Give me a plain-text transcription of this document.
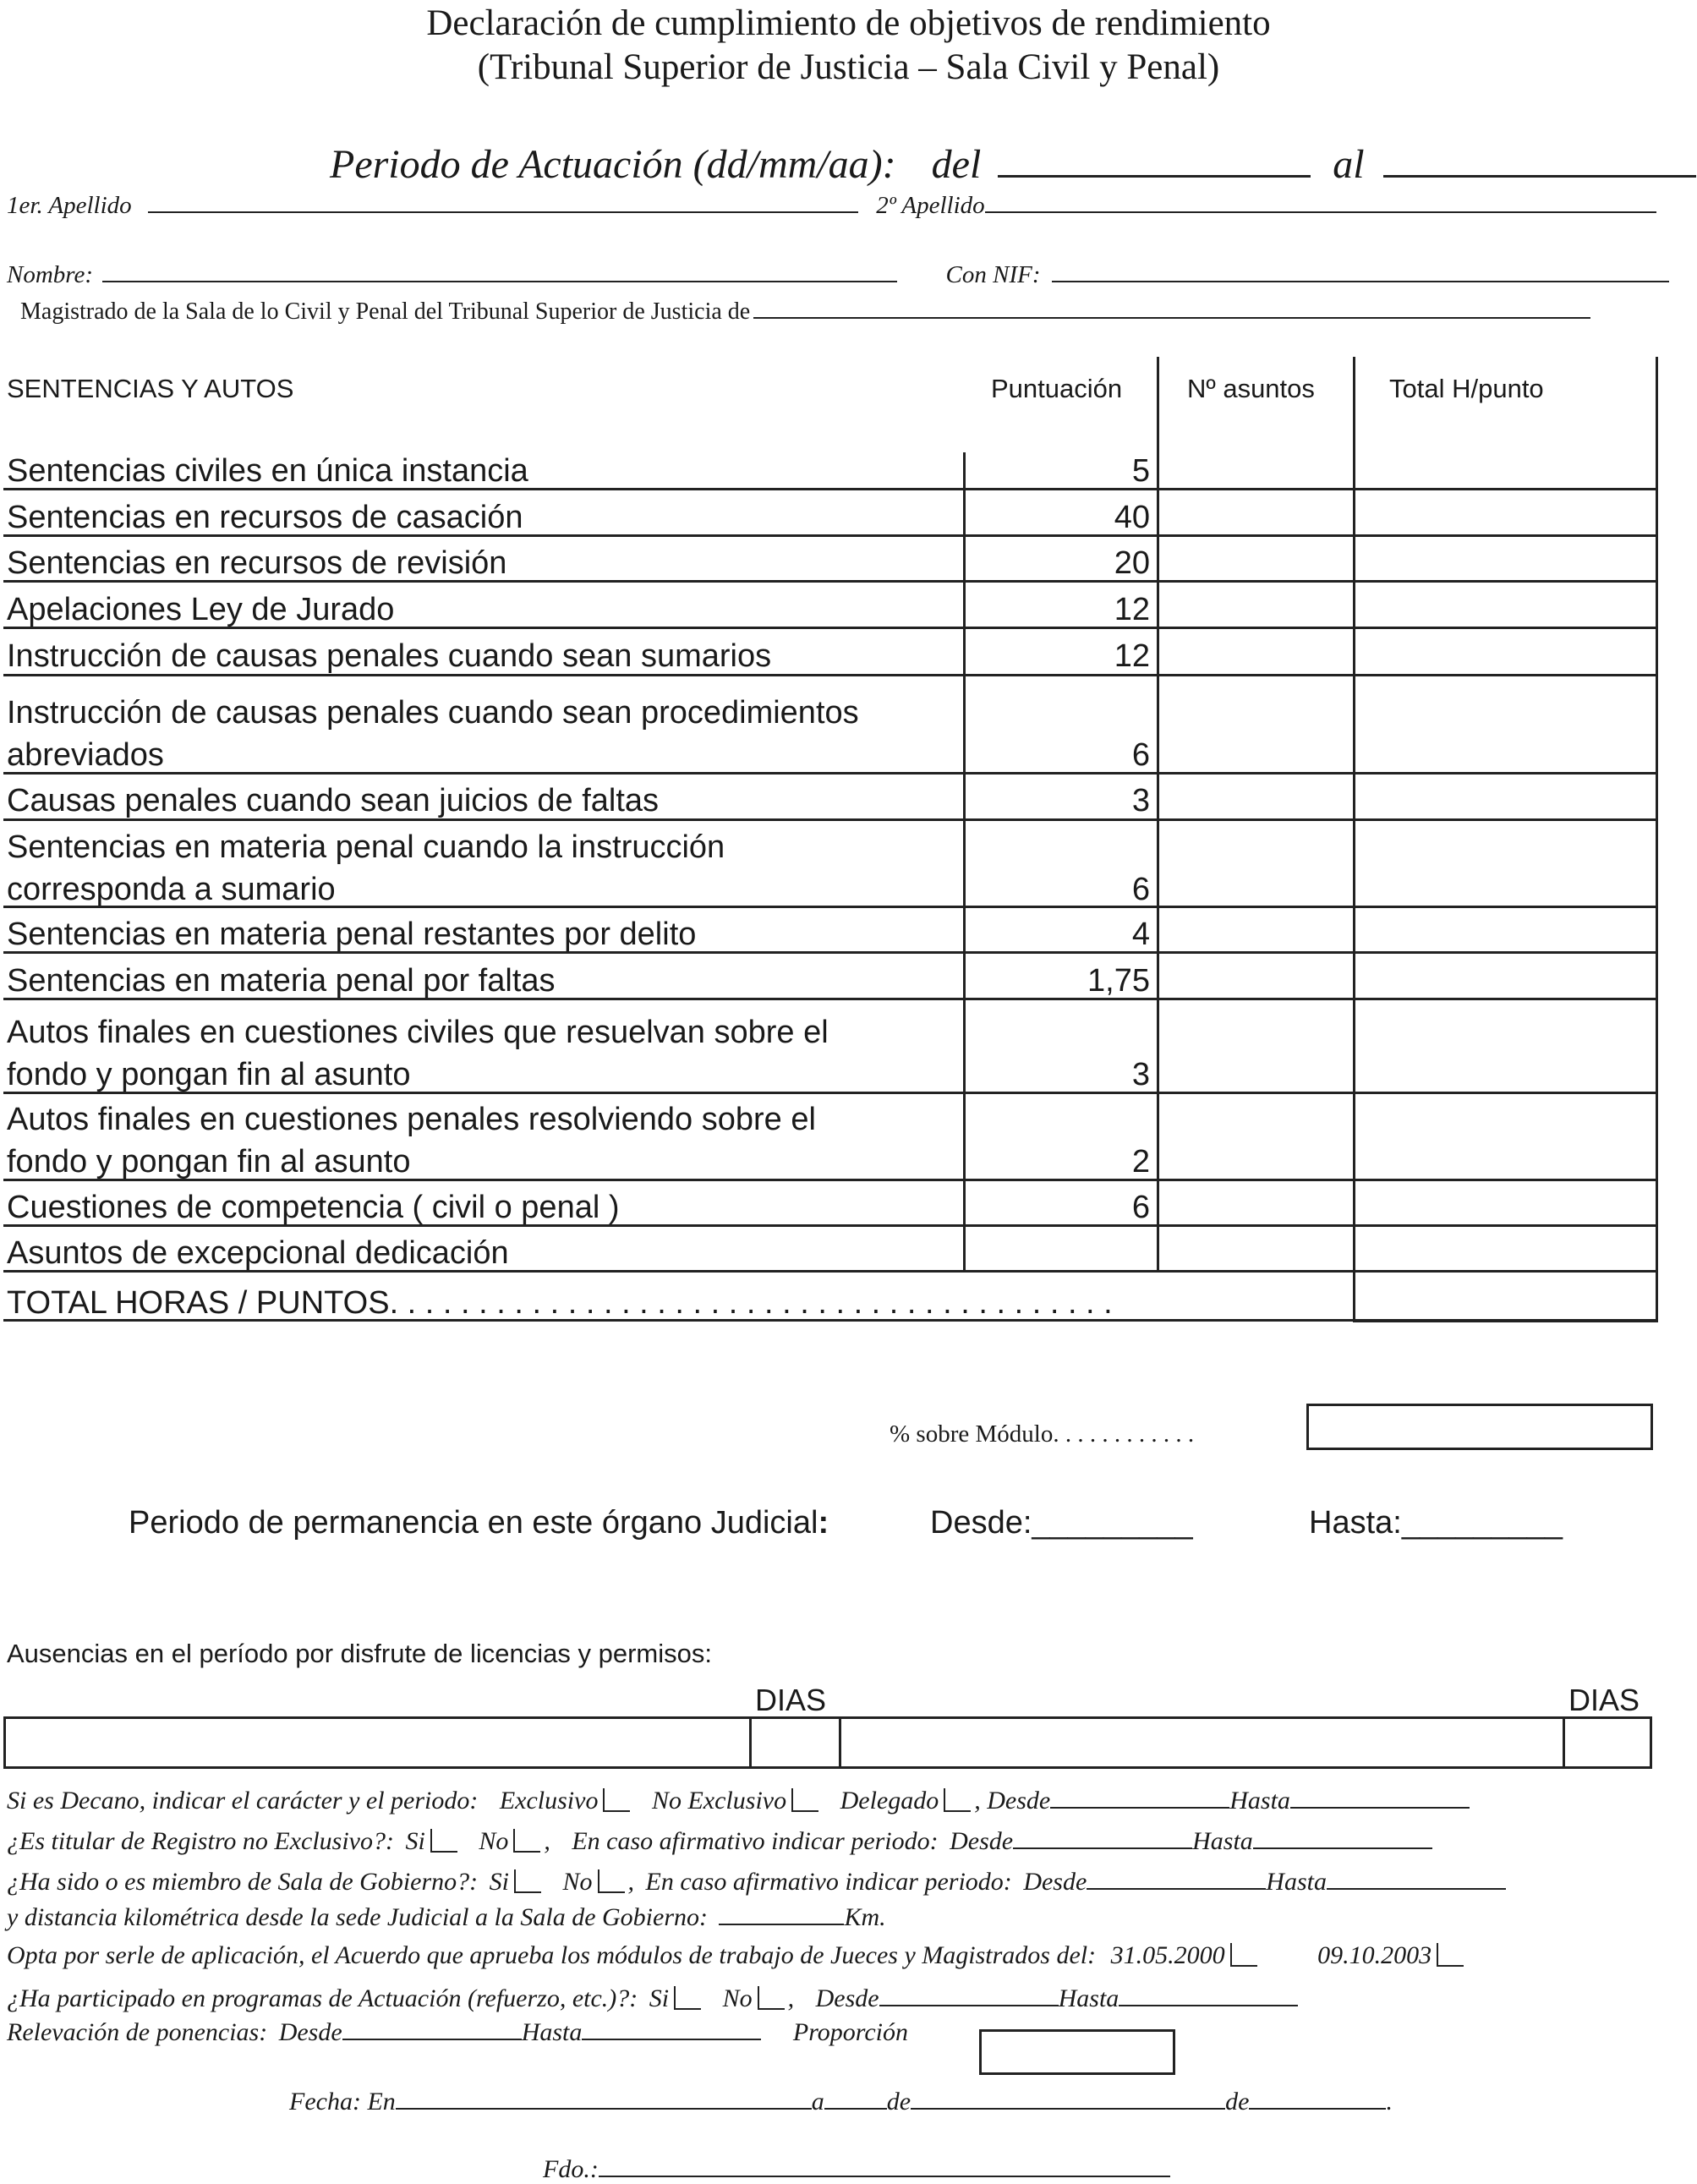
Declaración de cumplimiento de objetivos de rendimiento
(Tribunal Superior de Justicia – Sala Civil y Penal)
Periodo de Actuación (dd/mm/aa): del	al
1er. Apellido	2º Apellido
Nombre:	Con NIF:
Magistrado de la Sala de lo Civil y Penal del Tribunal Superior de Justicia de
SENTENCIAS Y AUTOS	Puntuación Nº asuntos	Total H/punto
Sentencias civiles en única instancia	5
Sentencias en recursos de casación	40
Sentencias en recursos de revisión	20
Apelaciones Ley de Jurado	12
Instrucción de causas penales cuando sean sumarios	12
Instrucción de causas penales cuando sean procedimientos
abreviados	6
Causas penales cuando sean juicios de faltas	3
Sentencias en materia penal cuando la instrucción
corresponda a sumario	6
Sentencias en materia penal restantes por delito	4
Sentencias en materia penal por faltas	1,75
Autos finales en cuestiones civiles que resuelvan sobre el
fondo y pongan fin al asunto	3
Autos finales en cuestiones penales resolviendo sobre el
fondo y pongan fin al asunto	2
Cuestiones de competencia ( civil o penal )	6
Asuntos de excepcional dedicación
TOTAL HORAS / PUNTOS. . . . . . . . . . . . . . . . . . . . . . . . . . . . . . . . . . . . . . . . .
% sobre Módulo. . . . . . . . . . . .
Periodo de permanencia en este órgano Judicial:	Desde:_________	Hasta:_________
Ausencias en el período por disfrute de licencias y permisos:
DIAS	DIAS
Si es Decano, indicar el carácter y el periodo: Exclusivo No Exclusivo Delegado , Desde	Hasta
¿Es titular de Registro no Exclusivo?: Si No , En caso afirmativo indicar periodo: Desde	Hasta
¿Ha sido o es miembro de Sala de Gobierno?: Si No , En caso afirmativo indicar periodo: Desde	Hasta
y distancia kilométrica desde la sede Judicial a la Sala de Gobierno:	Km.
Opta por serle de aplicación, el Acuerdo que aprueba los módulos de trabajo de Jueces y Magistrados del: 31.05.2000	09.10.2003
¿Ha participado en programas de Actuación (refuerzo, etc.)?: Si No , Desde	Hasta
Relevación de ponencias: Desde	Hasta	Proporción
Fecha: En	a de	de	.
Fdo.:
